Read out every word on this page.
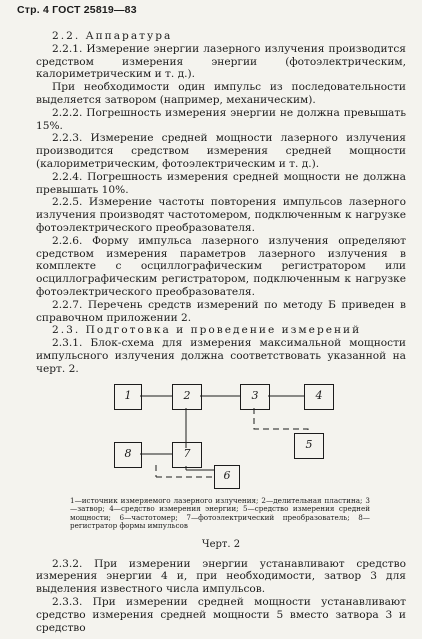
Стр. 4 ГОСТ 25819—83

2.2. Аппаратура

2.2.1. Измерение энергии лазерного излучения производится средством измерения энергии (фотоэлектрическим, калориметрическим и т. д.).

При необходимости один импульс из последовательности выделяется затвором (например, механическим).

2.2.2. Погрешность измерения энергии не должна превышать 15%.

2.2.3. Измерение средней мощности лазерного излучения производится средством измерения средней мощности (калориметрическим, фотоэлектрическим и т. д.).

2.2.4. Погрешность измерения средней мощности не должна превышать 10%.

2.2.5. Измерение частоты повторения импульсов лазерного излучения производят частотомером, подключенным к нагрузке фотоэлектрического преобразователя.

2.2.6. Форму импульса лазерного излучения определяют средством измерения параметров лазерного излучения в комплекте с осциллографическим регистратором или осциллографическим регистратором, подключенным к нагрузке фотоэлектрического преобразователя.

2.2.7. Перечень средств измерений по методу Б приведен в справочном приложении 2.

2.3. Подготовка и проведение измерений

2.3.1. Блок-схема для измерения максимальной мощности импульсного излучения должна соответствовать указанной на черт. 2.

1	2	3	4
8	7
6
5
1—источник измеряемого лазерного излучения; 2—делительная пластина; 3—затвор; 4—средство измерения энергии; 5—средство измерения средней мощности; 6—частотомер; 7—фотоэлектрический преобразователь; 8—регистратор формы импульсов
Черт. 2

2.3.2. При измерении энергии устанавливают средство измерения энергии 4 и, при необходимости, затвор 3 для выделения известного числа импульсов.

2.3.3. При измерении средней мощности устанавливают средство измерения средней мощности 5 вместо затвора 3 и средство
